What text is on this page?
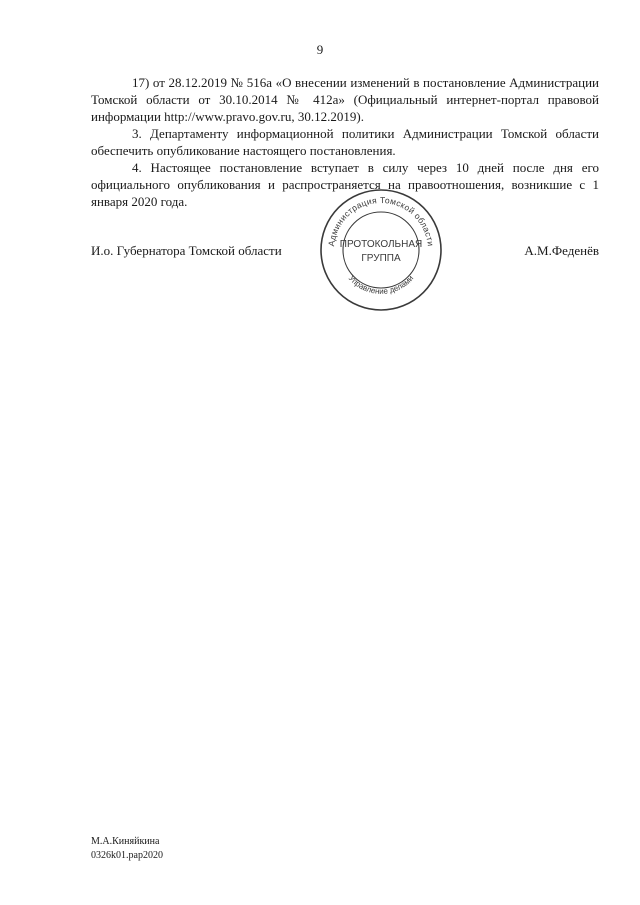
9

17) от 28.12.2019 № 516а «О внесении изменений в постановление Администрации Томской области от 30.10.2014 № 412а» (Официальный интернет-портал правовой информации http://www.pravo.gov.ru, 30.12.2019).

3. Департаменту информационной политики Администрации Томской области обеспечить опубликование настоящего постановления.

4. Настоящее постановление вступает в силу через 10 дней после дня его официального опубликования и распространяется на правоотношения, возникшие с 1 января 2020 года.

И.о. Губернатора Томской области	А.М.Феденёв
Администрация Томской области
Управление делами
ПРОТОКОЛЬНАЯ
ГРУППА
М.А.Киняйкина
0326k01.pap2020
